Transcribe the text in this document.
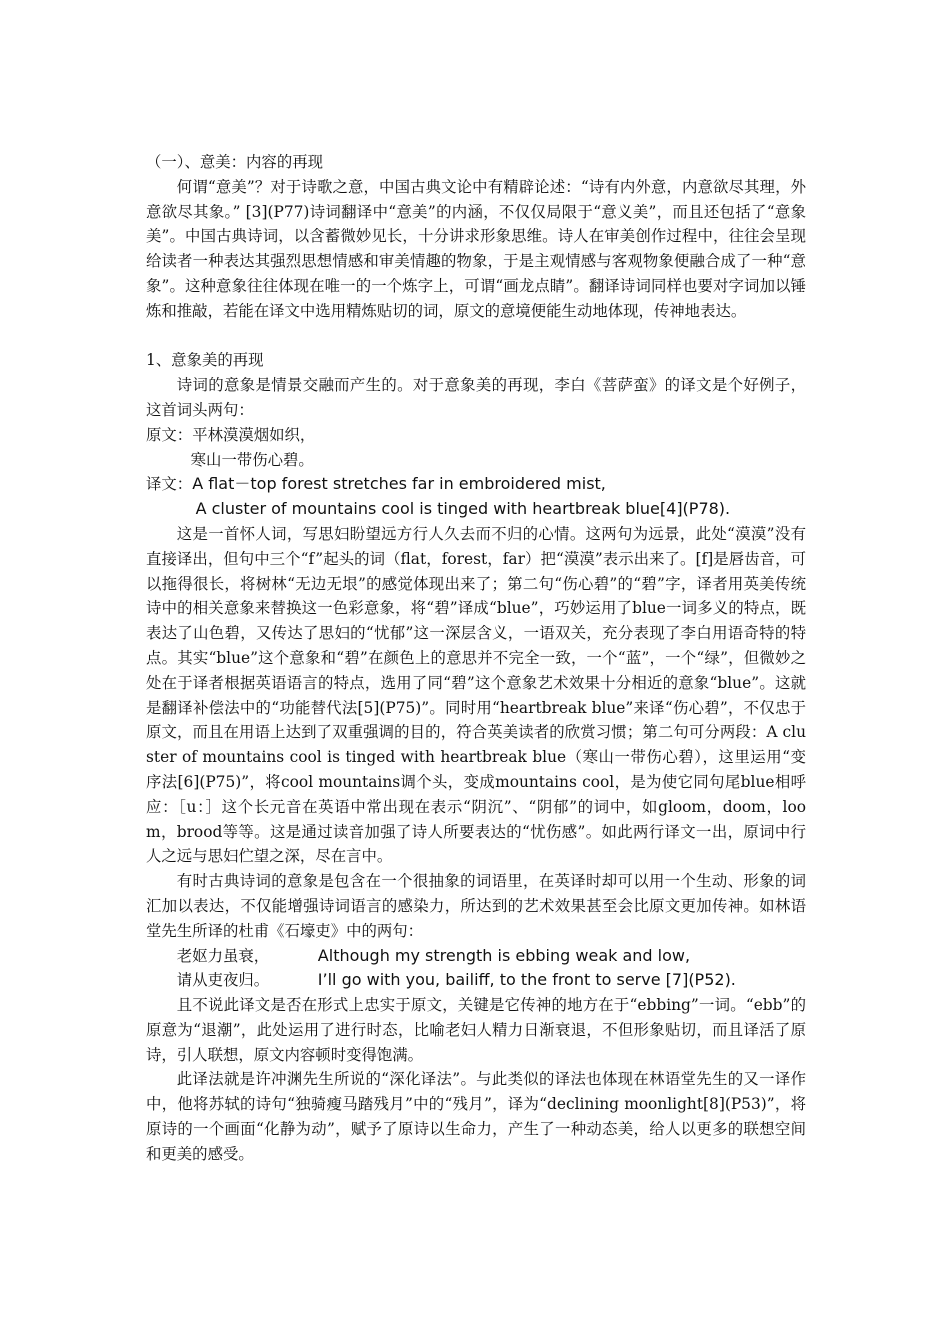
（一）、意美：内容的再现

何谓“意美”？对于诗歌之意，中国古典文论中有精辟论述：“诗有内外意，内意欲尽其理，外意欲尽其象。” [3](P77)诗词翻译中“意美”的内涵，不仅仅局限于“意义美”，而且还包括了“意象美”。中国古典诗词，以含蓄微妙见长，十分讲求形象思维。诗人在审美创作过程中，往往会呈现给读者一种表达其强烈思想情感和审美情趣的物象，于是主观情感与客观物象便融合成了一种“意象”。这种意象往往体现在唯一的一个炼字上，可谓“画龙点睛”。翻译诗词同样也要对字词加以锤炼和推敲，若能在译文中选用精炼贴切的词，原文的意境便能生动地体现，传神地表达。

1、意象美的再现

诗词的意象是情景交融而产生的。对于意象美的再现，李白《菩萨蛮》的译文是个好例子，这首词头两句：

原文： 平林漠漠烟如织，
寒山一带伤心碧。
译文： A flat－top forest stretches far in embroidered mist,
A cluster of mountains cool is tinged with heartbreak blue[4](P78).

这是一首怀人词，写思妇盼望远方行人久去而不归的心情。这两句为远景，此处“漠漠”没有直接译出，但句中三个“f”起头的词（flat，forest，far）把“漠漠”表示出来了。[f]是唇齿音，可以拖得很长，将树林“无边无垠”的感觉体现出来了；第二句“伤心碧”的“碧”字，译者用英美传统诗中的相关意象来替换这一色彩意象，将“碧”译成“blue”，巧妙运用了blue一词多义的特点，既表达了山色碧，又传达了思妇的“忧郁”这一深层含义，一语双关，充分表现了李白用语奇特的特点。其实“blue”这个意象和“碧”在颜色上的意思并不完全一致，一个“蓝”，一个“绿”，但微妙之处在于译者根据英语语言的特点，选用了同“碧”这个意象艺术效果十分相近的意象“blue”。这就是翻译补偿法中的“功能替代法[5](P75)”。同时用“heartbreak blue”来译“伤心碧”，不仅忠于原文，而且在用语上达到了双重强调的目的，符合英美读者的欣赏习惯；第二句可分两段：A cluster of mountains cool is tinged with heartbreak blue（寒山一带伤心碧），这里运用“变序法[6](P75)”，将cool mountains调个头，变成mountains cool，是为使它同句尾blue相呼应：［u：］这个长元音在英语中常出现在表示“阴沉”、“阴郁”的词中，如gloom，doom，loom，brood等等。这是通过读音加强了诗人所要表达的“忧伤感”。如此两行译文一出，原词中行人之远与思妇伫望之深，尽在言中。

有时古典诗词的意象是包含在一个很抽象的词语里，在英译时却可以用一个生动、形象的词汇加以表达，不仅能增强诗词语言的感染力，所达到的艺术效果甚至会比原文更加传神。如林语堂先生所译的杜甫《石壕吏》中的两句：

老妪力虽衰，	Although my strength is ebbing weak and low,
请从吏夜归。	I’ll go with you, bailiff, to the front to serve [7](P52).

且不说此译文是否在形式上忠实于原文，关键是它传神的地方在于“ebbing”一词。“ebb”的原意为“退潮”，此处运用了进行时态，比喻老妇人精力日渐衰退，不但形象贴切，而且译活了原诗，引人联想，原文内容顿时变得饱满。

此译法就是许冲渊先生所说的“深化译法”。与此类似的译法也体现在林语堂先生的又一译作中，他将苏轼的诗句“独骑瘦马踏残月”中的“残月”，译为“declining moonlight[8](P53)”，将原诗的一个画面“化静为动”，赋予了原诗以生命力，产生了一种动态美，给人以更多的联想空间和更美的感受。
